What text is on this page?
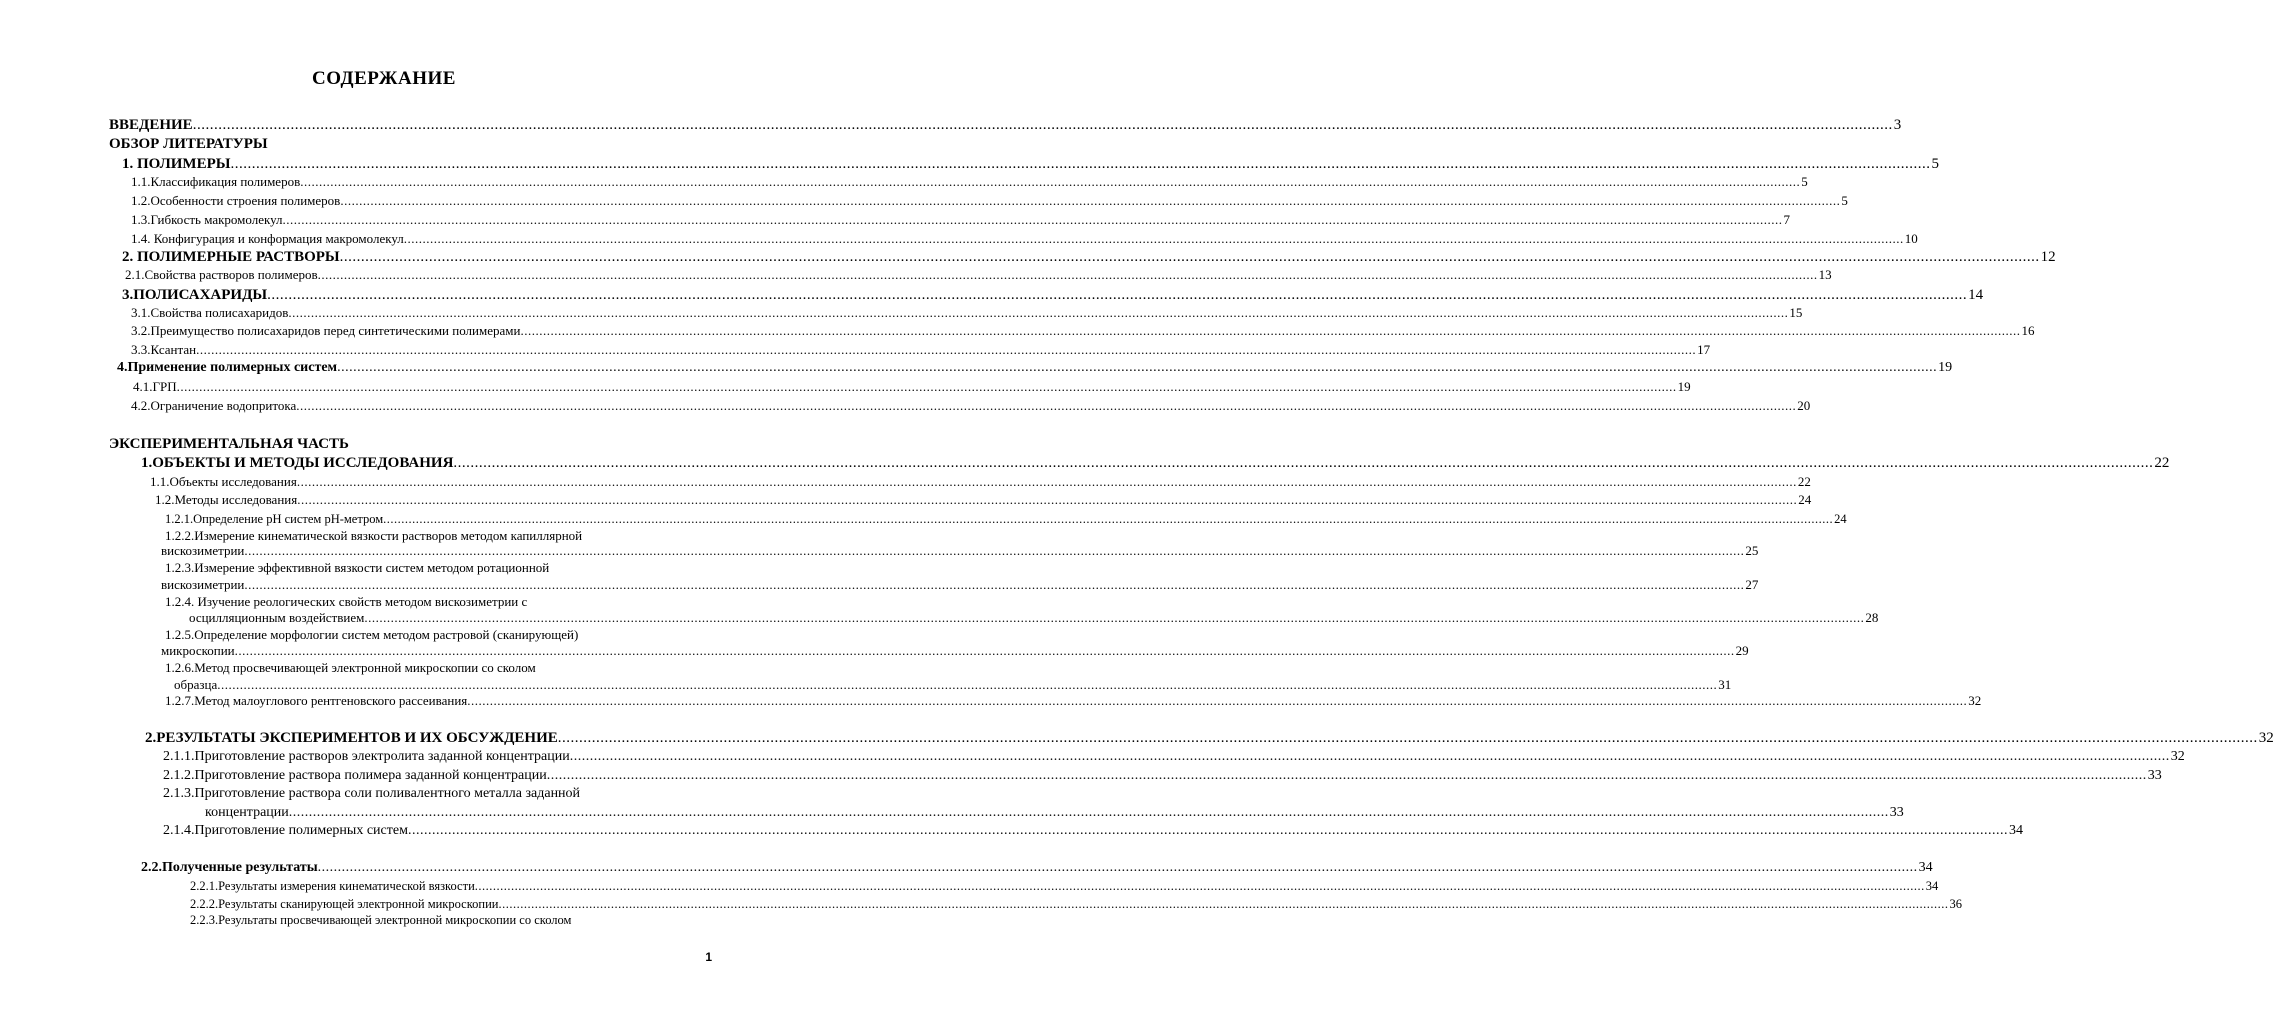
СОДЕРЖАНИЕ
ВВЕДЕНИЕ ................................................................................................................................................................................................................................................................................................................................................................................................................ 3
ОБЗОР ЛИТЕРАТУРЫ
1. ПОЛИМЕРЫ ................................................................................................................................................................................................................................................................................................................................................................................................................ 5
1.1.Классификация полимеров ................................................................................................................................................................................................................................................................................................................................................................................................................ 5
1.2.Особенности строения полимеров ................................................................................................................................................................................................................................................................................................................................................................................................................ 5
1.3.Гибкость макромолекул ................................................................................................................................................................................................................................................................................................................................................................................................................ 7
1.4. Конфигурация и конформация макромолекул ................................................................................................................................................................................................................................................................................................................................................................................................................ 10
2. ПОЛИМЕРНЫЕ РАСТВОРЫ ................................................................................................................................................................................................................................................................................................................................................................................................................ 12
2.1.Свойства растворов полимеров ................................................................................................................................................................................................................................................................................................................................................................................................................ 13
3.ПОЛИСАХАРИДЫ ................................................................................................................................................................................................................................................................................................................................................................................................................ 14
3.1.Свойства полисахаридов ................................................................................................................................................................................................................................................................................................................................................................................................................ 15
3.2.Преимущество полисахаридов перед синтетическими полимерами ................................................................................................................................................................................................................................................................................................................................................................................................................ 16
3.3.Ксантан ................................................................................................................................................................................................................................................................................................................................................................................................................ 17
4.Применение полимерных систем ................................................................................................................................................................................................................................................................................................................................................................................................................ 19
4.1.ГРП ................................................................................................................................................................................................................................................................................................................................................................................................................ 19
4.2.Ограничение водопритока ................................................................................................................................................................................................................................................................................................................................................................................................................ 20
ЭКСПЕРИМЕНТАЛЬНАЯ ЧАСТЬ
1.ОБЪЕКТЫ И МЕТОДЫ ИССЛЕДОВАНИЯ ................................................................................................................................................................................................................................................................................................................................................................................................................ 22
1.1.Объекты исследования ................................................................................................................................................................................................................................................................................................................................................................................................................ 22
1.2.Методы исследования ................................................................................................................................................................................................................................................................................................................................................................................................................ 24
1.2.1.Определение pH систем pH-метром ................................................................................................................................................................................................................................................................................................................................................................................................................ 24
1.2.2.Измерение кинематической вязкости растворов методом капиллярной
вискозиметрии ................................................................................................................................................................................................................................................................................................................................................................................................................ 25
1.2.3.Измерение эффективной вязкости систем методом ротационной
вискозиметрии ................................................................................................................................................................................................................................................................................................................................................................................................................ 27
1.2.4. Изучение реологических свойств методом вискозиметрии с
осцилляционным воздействием ................................................................................................................................................................................................................................................................................................................................................................................................................ 28
1.2.5.Определение морфологии систем методом растровой (сканирующей)
микроскопии ................................................................................................................................................................................................................................................................................................................................................................................................................ 29
1.2.6.Метод просвечивающей электронной микроскопии со сколом
образца ................................................................................................................................................................................................................................................................................................................................................................................................................ 31
1.2.7.Метод малоуглового рентгеновского рассеивания ................................................................................................................................................................................................................................................................................................................................................................................................................ 32
2.РЕЗУЛЬТАТЫ ЭКСПЕРИМЕНТОВ И ИХ ОБСУЖДЕНИЕ ................................................................................................................................................................................................................................................................................................................................................................................................................ 32
2.1.1.Приготовление растворов электролита заданной концентрации ................................................................................................................................................................................................................................................................................................................................................................................................................ 32
2.1.2.Приготовление раствора полимера заданной концентрации ................................................................................................................................................................................................................................................................................................................................................................................................................ 33
2.1.3.Приготовление раствора соли поливалентного металла заданной
концентрации ................................................................................................................................................................................................................................................................................................................................................................................................................ 33
2.1.4.Приготовление полимерных систем ................................................................................................................................................................................................................................................................................................................................................................................................................ 34
2.2.Полученные результаты ................................................................................................................................................................................................................................................................................................................................................................................................................ 34
2.2.1.Результаты измерения кинематической вязкости ................................................................................................................................................................................................................................................................................................................................................................................................................ 34
2.2.2.Результаты сканирующей электронной микроскопии ................................................................................................................................................................................................................................................................................................................................................................................................................ 36
2.2.3.Результаты просвечивающей электронной микроскопии со сколом
1
